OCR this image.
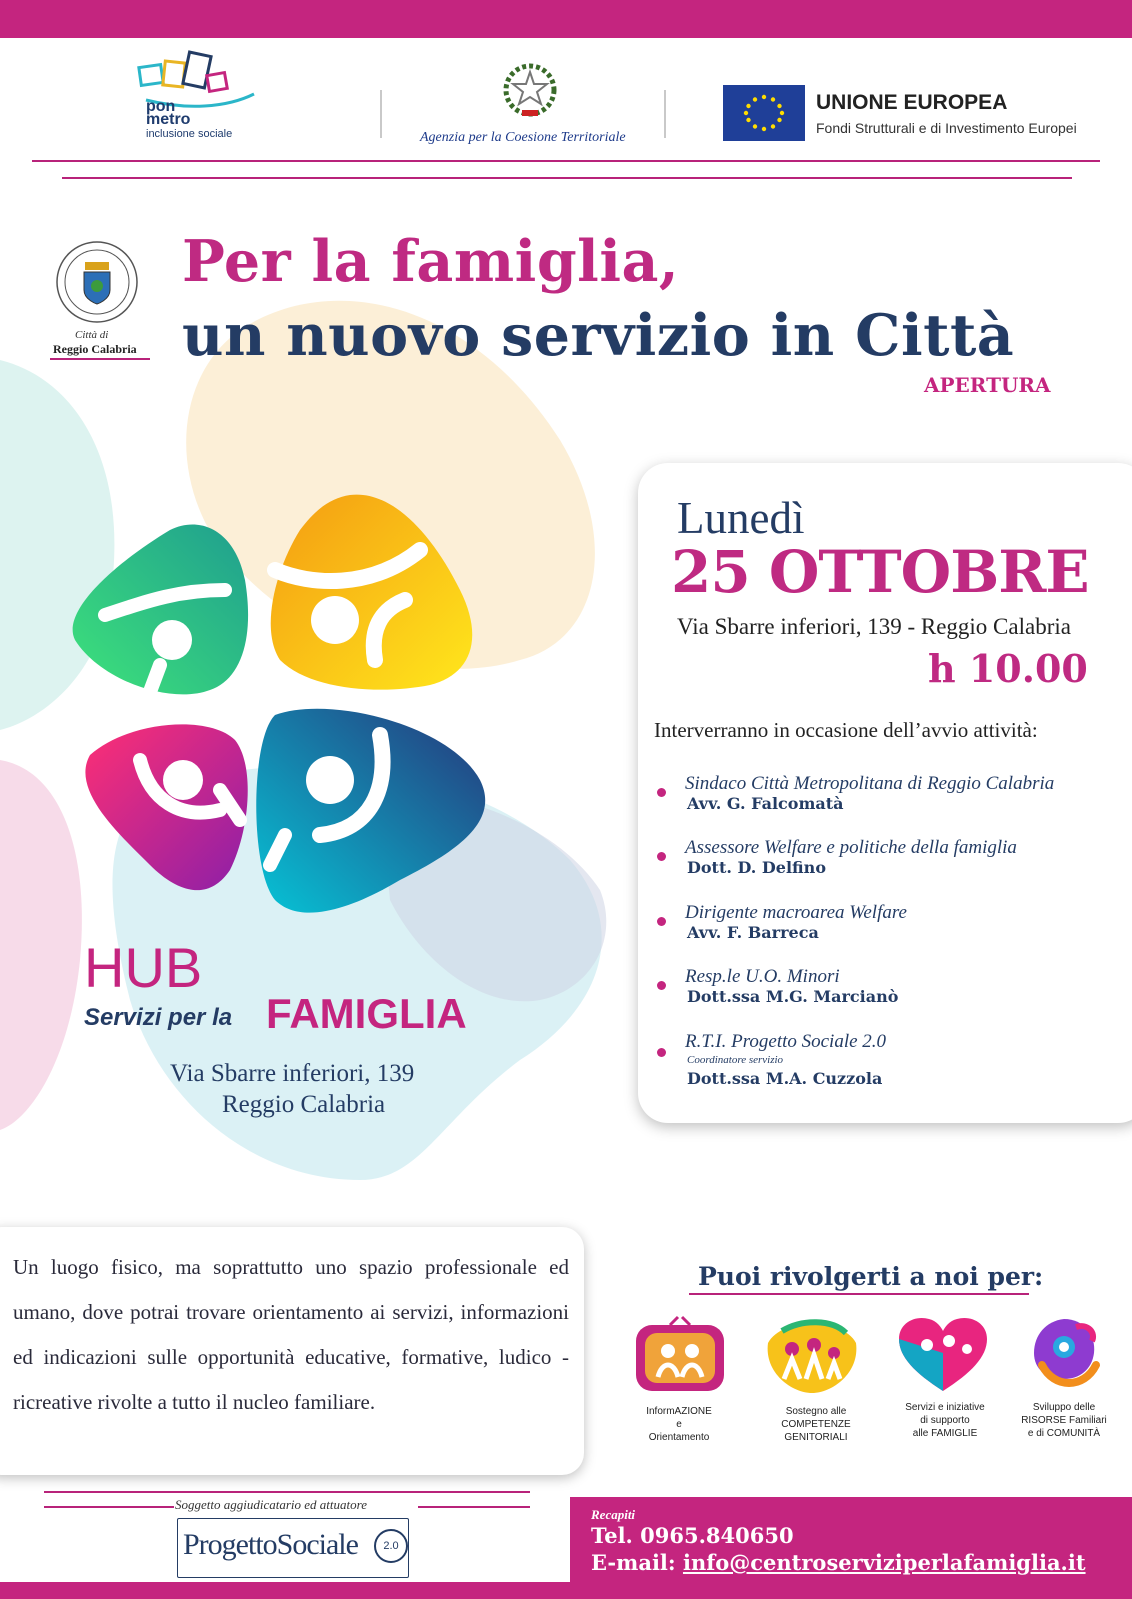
pon
metro
inclusione sociale	Agenzia per la Coesione Territoriale
UNIONE EUROPEA
Fondi Strutturali e di Investimento Europei
Città di
Reggio Calabria
Per la famiglia,
un nuovo servizio in Città
APERTURA
HUB
Servizi per la FAMIGLIA
Via Sbarre inferiori, 139
Reggio Calabria
Lunedì
25 OTTOBRE
Via Sbarre inferiori, 139 - Reggio Calabria
h 10.00
Interverranno in occasione dell’avvio attività:
Sindaco Città Metropolitana di Reggio Calabria
Avv. G. Falcomatà
Assessore Welfare e politiche della famiglia
Dott. D. Delfino
Dirigente macroarea Welfare
Avv. F. Barreca
Resp.le U.O. Minori
Dott.ssa M.G. Marcianò
R.T.I. Progetto Sociale 2.0
Coordinatore servizio
Dott.ssa M.A. Cuzzola
Un luogo fisico, ma soprattutto uno spazio professionale ed umano, dove potrai trovare orientamento ai servizi, informazioni ed indicazioni sulle opportunità educative, formative, ludico - ricreative rivolte a tutto il nucleo familiare.
Puoi rivolgerti a noi per:
InformAZIONE
e
Orientamento
Sostegno alle
COMPETENZE
GENITORIALI
Servizi e iniziative
di supporto
alle FAMIGLIE
Sviluppo delle
RISORSE Familiari
e di COMUNITÀ
Soggetto aggiudicatario ed attuatore
ProgettoSociale	2.0
Recapiti
Tel. 0965.840650
E-mail: info@centroserviziperlafamiglia.it
